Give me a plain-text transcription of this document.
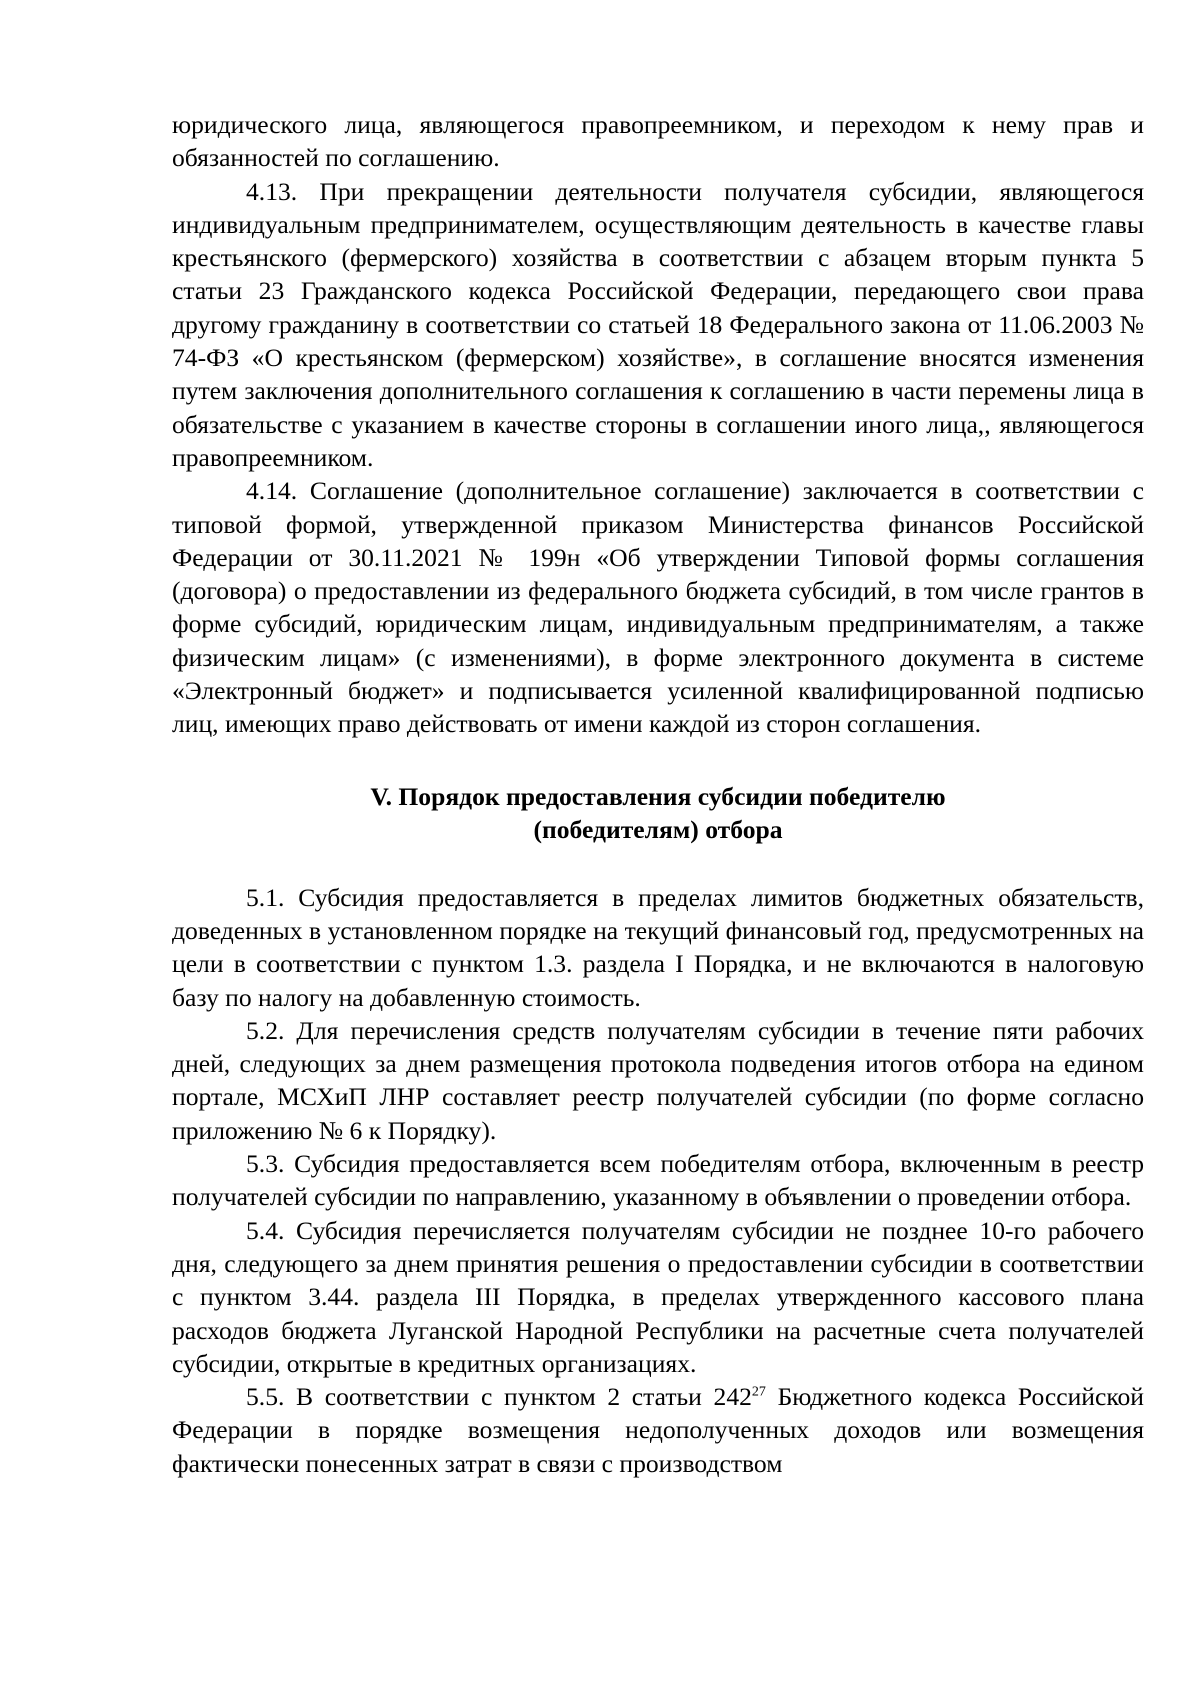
юридического лица, являющегося правопреемником, и переходом к нему прав и обязанностей по соглашению.

4.13. При прекращении деятельности получателя субсидии, являющегося индивидуальным предпринимателем, осуществляющим деятельность в качестве главы крестьянского (фермерского) хозяйства в соответствии с абзацем вторым пункта 5 статьи 23 Гражданского кодекса Российской Федерации, передающего свои права другому гражданину в соответствии со статьей 18 Федерального закона от 11.06.2003 № 74-ФЗ «О крестьянском (фермерском) хозяйстве», в соглашение вносятся изменения путем заключения дополнительного соглашения к соглашению в части перемены лица в обязательстве с указанием в качестве стороны в соглашении иного лица,, являющегося правопреемником.

4.14. Соглашение (дополнительное соглашение) заключается в соответствии с типовой формой, утвержденной приказом Министерства финансов Российской Федерации от 30.11.2021 № 199н «Об утверждении Типовой формы соглашения (договора) о предоставлении из федерального бюджета субсидий, в том числе грантов в форме субсидий, юридическим лицам, индивидуальным предпринимателям, а также физическим лицам» (с изменениями), в форме электронного документа в системе «Электронный бюджет» и подписывается усиленной квалифицированной подписью лиц, имеющих право действовать от имени каждой из сторон соглашения.

V. Порядок предоставления субсидии победителю
(победителям) отбора

5.1. Субсидия предоставляется в пределах лимитов бюджетных обязательств, доведенных в установленном порядке на текущий финансовый год, предусмотренных на цели в соответствии с пунктом 1.3. раздела I Порядка, и не включаются в налоговую базу по налогу на добавленную стоимость.

5.2. Для перечисления средств получателям субсидии в течение пяти рабочих дней, следующих за днем размещения протокола подведения итогов отбора на едином портале, МСХиП ЛНР составляет реестр получателей субсидии (по форме согласно приложению № 6 к Порядку).

5.3. Субсидия предоставляется всем победителям отбора, включенным в реестр получателей субсидии по направлению, указанному в объявлении о проведении отбора.

5.4. Субсидия перечисляется получателям субсидии не позднее 10-го рабочего дня, следующего за днем принятия решения о предоставлении субсидии в соответствии с пунктом 3.44. раздела III Порядка, в пределах утвержденного кассового плана расходов бюджета Луганской Народной Республики на расчетные счета получателей субсидии, открытые в кредитных организациях.

5.5. В соответствии с пунктом 2 статьи $242^{27}$ Бюджетного кодекса Российской Федерации в порядке возмещения недополученных доходов или возмещения фактически понесенных затрат в связи с производством
